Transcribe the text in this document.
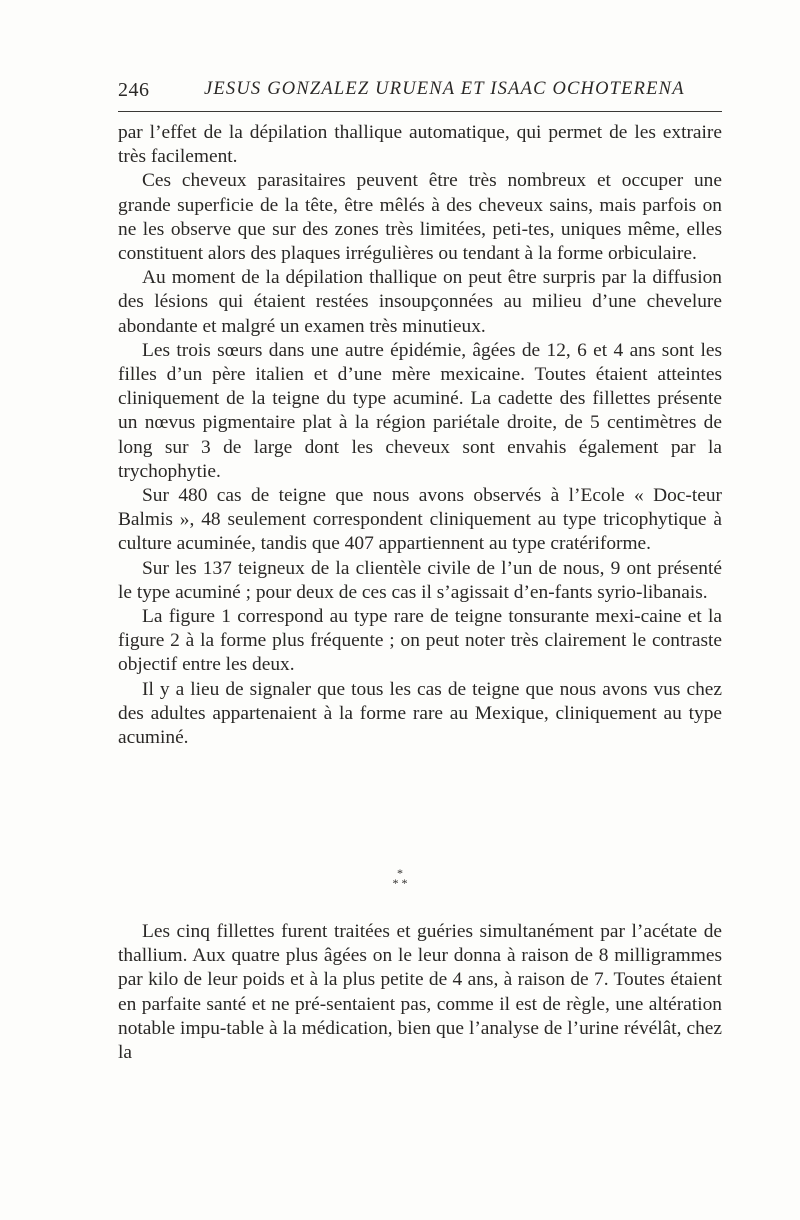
246	JESUS GONZALEZ URUENA ET ISAAC OCHOTERENA

par l’effet de la dépilation thallique automatique, qui permet de les extraire très facilement.

Ces cheveux parasitaires peuvent être très nombreux et occuper une grande superficie de la tête, être mêlés à des cheveux sains, mais parfois on ne les observe que sur des zones très limitées, peti-tes, uniques même, elles constituent alors des plaques irrégulières ou tendant à la forme orbiculaire.

Au moment de la dépilation thallique on peut être surpris par la diffusion des lésions qui étaient restées insoupçonnées au milieu d’une chevelure abondante et malgré un examen très minutieux.

Les trois sœurs dans une autre épidémie, âgées de 12, 6 et 4 ans sont les filles d’un père italien et d’une mère mexicaine. Toutes étaient atteintes cliniquement de la teigne du type acuminé. La cadette des fillettes présente un nœvus pigmentaire plat à la région pariétale droite, de 5 centimètres de long sur 3 de large dont les cheveux sont envahis également par la trychophytie.

Sur 480 cas de teigne que nous avons observés à l’Ecole « Doc-teur Balmis », 48 seulement correspondent cliniquement au type tricophytique à culture acuminée, tandis que 407 appartiennent au type cratériforme.

Sur les 137 teigneux de la clientèle civile de l’un de nous, 9 ont présenté le type acuminé ; pour deux de ces cas il s’agissait d’en-fants syrio-libanais.

La figure 1 correspond au type rare de teigne tonsurante mexi-caine et la figure 2 à la forme plus fréquente ; on peut noter très clairement le contraste objectif entre les deux.

Il y a lieu de signaler que tous les cas de teigne que nous avons vus chez des adultes appartenaient à la forme rare au Mexique, cliniquement au type acuminé.

*
* *

Les cinq fillettes furent traitées et guéries simultanément par l’acétate de thallium. Aux quatre plus âgées on le leur donna à raison de 8 milligrammes par kilo de leur poids et à la plus petite de 4 ans, à raison de 7. Toutes étaient en parfaite santé et ne pré-sentaient pas, comme il est de règle, une altération notable impu-table à la médication, bien que l’analyse de l’urine révélât, chez la
